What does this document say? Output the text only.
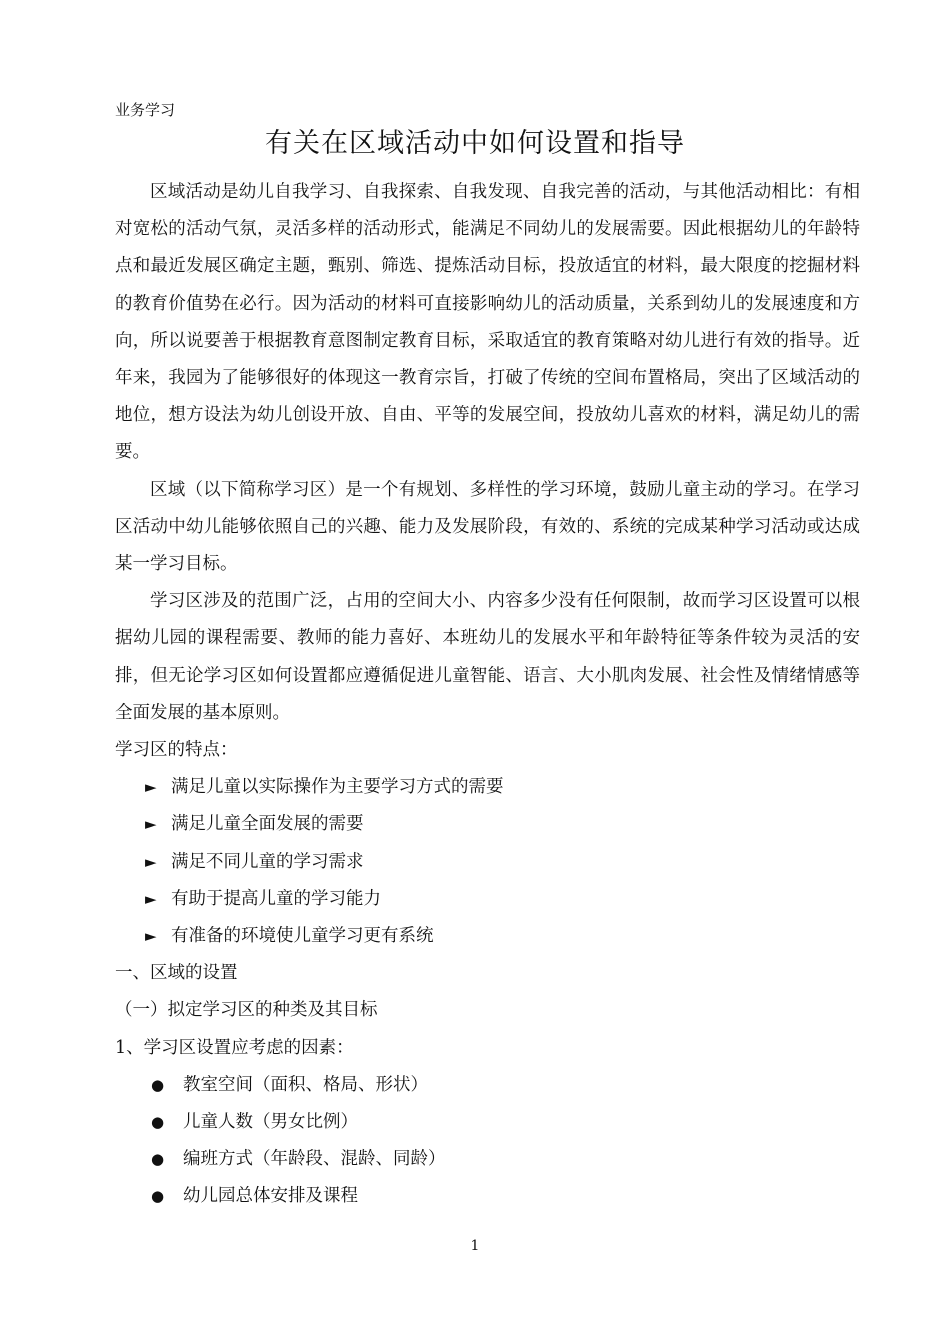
业务学习
有关在区域活动中如何设置和指导

区域活动是幼儿自我学习、自我探索、自我发现、自我完善的活动，与其他活动相比：有相对宽松的活动气氛，灵活多样的活动形式，能满足不同幼儿的发展需要。因此根据幼儿的年龄特点和最近发展区确定主题，甄别、筛选、提炼活动目标，投放适宜的材料，最大限度的挖掘材料的教育价值势在必行。因为活动的材料可直接影响幼儿的活动质量，关系到幼儿的发展速度和方向，所以说要善于根据教育意图制定教育目标，采取适宜的教育策略对幼儿进行有效的指导。近年来，我园为了能够很好的体现这一教育宗旨，打破了传统的空间布置格局，突出了区域活动的地位，想方设法为幼儿创设开放、自由、平等的发展空间，投放幼儿喜欢的材料，满足幼儿的需要。

区域（以下简称学习区）是一个有规划、多样性的学习环境，鼓励儿童主动的学习。在学习区活动中幼儿能够依照自己的兴趣、能力及发展阶段，有效的、系统的完成某种学习活动或达成某一学习目标。

学习区涉及的范围广泛，占用的空间大小、内容多少没有任何限制，故而学习区设置可以根据幼儿园的课程需要、教师的能力喜好、本班幼儿的发展水平和年龄特征等条件较为灵活的安排，但无论学习区如何设置都应遵循促进儿童智能、语言、大小肌肉发展、社会性及情绪情感等全面发展的基本原则。

学习区的特点：

► 满足儿童以实际操作为主要学习方式的需要
► 满足儿童全面发展的需要
► 满足不同儿童的学习需求
► 有助于提高儿童的学习能力
► 有准备的环境使儿童学习更有系统

一、区域的设置

（一）拟定学习区的种类及其目标

1、学习区设置应考虑的因素：

● 教室空间（面积、格局、形状）
● 儿童人数（男女比例）
● 编班方式（年龄段、混龄、同龄）
● 幼儿园总体安排及课程
1
